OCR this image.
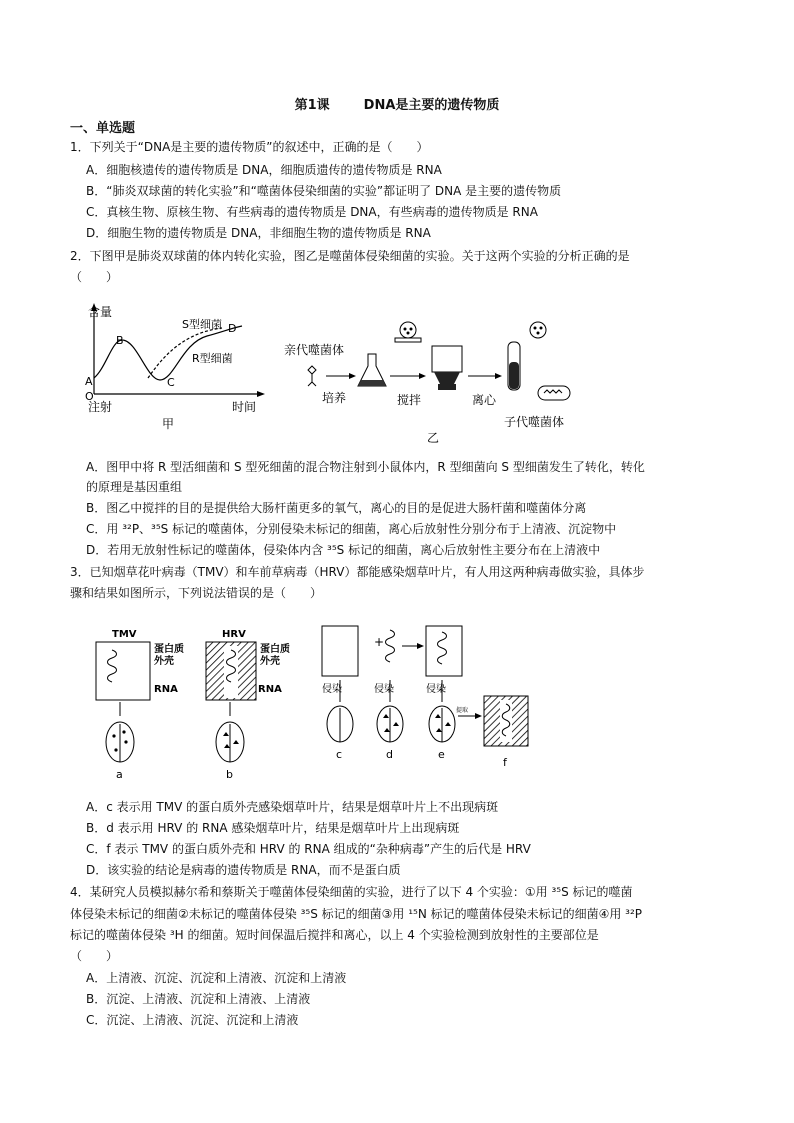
第1课	DNA是主要的遗传物质
一、单选题
1．下列关于“DNA是主要的遗传物质”的叙述中，正确的是（　　）
A．细胞核遗传的遗传物质是 DNA，细胞质遗传的遗传物质是 RNA
B．“肺炎双球菌的转化实验”和“噬菌体侵染细菌的实验”都证明了 DNA 是主要的遗传物质
C．真核生物、原核生物、有些病毒的遗传物质是 DNA，有些病毒的遗传物质是 RNA
D．细胞生物的遗传物质是 DNA，非细胞生物的遗传物质是 RNA
2．下图甲是肺炎双球菌的体内转化实验，图乙是噬菌体侵染细菌的实验。关于这两个实验的分析正确的是
（　　）
含量
时间
注射
O
A
B
C
D
S型细菌
R型细菌
甲
亲代噬菌体
培养	搅拌	离心
子代噬菌体
乙
A．图甲中将 R 型活细菌和 S 型死细菌的混合物注射到小鼠体内，R 型细菌向 S 型细菌发生了转化，转化
的原理是基因重组
B．图乙中搅拌的目的是提供给大肠杆菌更多的氧气，离心的目的是促进大肠杆菌和噬菌体分离
C．用 ³²P、³⁵S 标记的噬菌体，分别侵染未标记的细菌，离心后放射性分别分布于上清液、沉淀物中
D．若用无放射性标记的噬菌体，侵染体内含 ³⁵S 标记的细菌，离心后放射性主要分布在上清液中
3．已知烟草花叶病毒（TMV）和车前草病毒（HRV）都能感染烟草叶片，有人用这两种病毒做实验，具体步
骤和结果如图所示，下列说法错误的是（　　）
TMV
蛋白质
外壳
RNA
a
HRV
蛋白质
外壳
RNA
b
+
侵染	侵染	侵染
c	d	e
提取
f
A．c 表示用 TMV 的蛋白质外壳感染烟草叶片，结果是烟草叶片上不出现病斑
B．d 表示用 HRV 的 RNA 感染烟草叶片，结果是烟草叶片上出现病斑
C．f 表示 TMV 的蛋白质外壳和 HRV 的 RNA 组成的“杂种病毒”产生的后代是 HRV
D．该实验的结论是病毒的遗传物质是 RNA，而不是蛋白质
4．某研究人员模拟赫尔希和蔡斯关于噬菌体侵染细菌的实验，进行了以下 4 个实验：①用 ³⁵S 标记的噬菌
体侵染未标记的细菌②未标记的噬菌体侵染 ³⁵S 标记的细菌③用 ¹⁵N 标记的噬菌体侵染未标记的细菌④用 ³²P
标记的噬菌体侵染 ³H 的细菌。短时间保温后搅拌和离心，以上 4 个实验检测到放射性的主要部位是
（　　）
A．上清液、沉淀、沉淀和上清液、沉淀和上清液
B．沉淀、上清液、沉淀和上清液、上清液
C．沉淀、上清液、沉淀、沉淀和上清液
